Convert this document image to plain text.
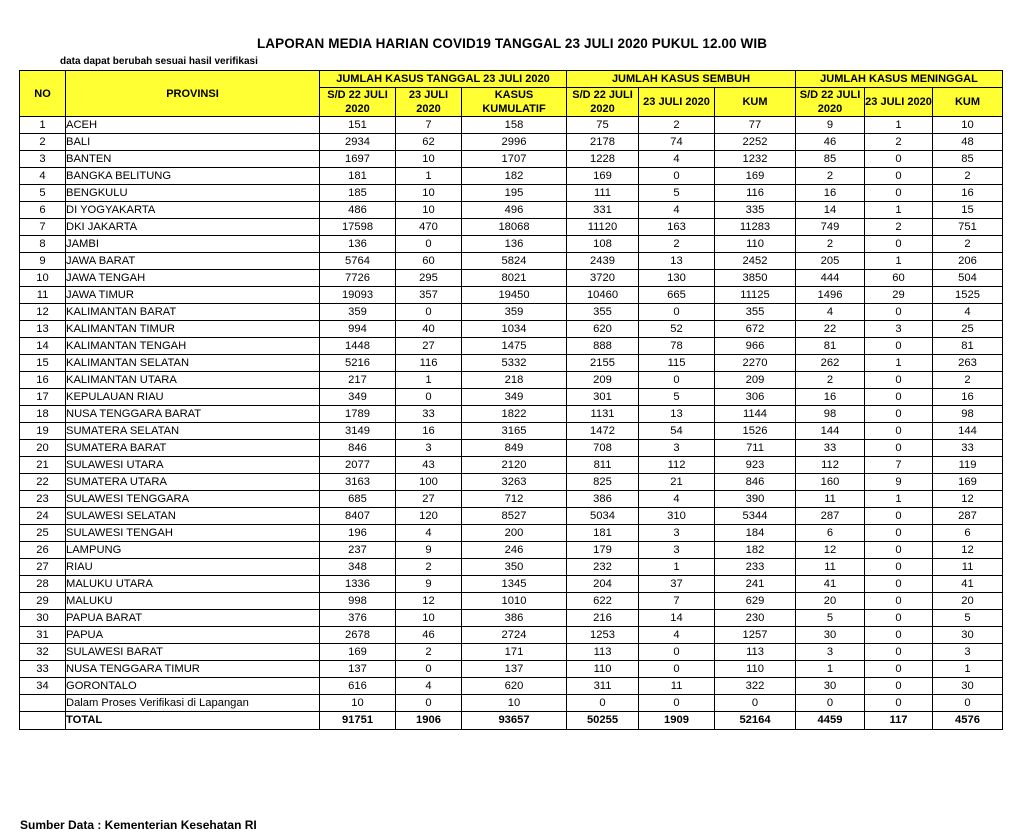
LAPORAN MEDIA HARIAN COVID19 TANGGAL 23 JULI 2020 PUKUL 12.00 WIB
data dapat berubah sesuai hasil verifikasi
NO	PROVINSI	JUMLAH KASUS TANGGAL 23 JULI 2020			JUMLAH KASUS SEMBUH			JUMLAH KASUS MENINGGAL		
		S/D 22 JULI 2020	23 JULI 2020	KASUS KUMULATIF	S/D 22 JULI 2020	23 JULI 2020	KUM	S/D 22 JULI 2020	23 JULI 2020	KUM
1	ACEH	151	7	158	75	2	77	9	1	10
2	BALI	2934	62	2996	2178	74	2252	46	2	48
3	BANTEN	1697	10	1707	1228	4	1232	85	0	85
4	BANGKA BELITUNG	181	1	182	169	0	169	2	0	2
5	BENGKULU	185	10	195	111	5	116	16	0	16
6	DI YOGYAKARTA	486	10	496	331	4	335	14	1	15
7	DKI JAKARTA	17598	470	18068	11120	163	11283	749	2	751
8	JAMBI	136	0	136	108	2	110	2	0	2
9	JAWA BARAT	5764	60	5824	2439	13	2452	205	1	206
10	JAWA TENGAH	7726	295	8021	3720	130	3850	444	60	504
11	JAWA TIMUR	19093	357	19450	10460	665	11125	1496	29	1525
12	KALIMANTAN BARAT	359	0	359	355	0	355	4	0	4
13	KALIMANTAN TIMUR	994	40	1034	620	52	672	22	3	25
14	KALIMANTAN TENGAH	1448	27	1475	888	78	966	81	0	81
15	KALIMANTAN SELATAN	5216	116	5332	2155	115	2270	262	1	263
16	KALIMANTAN UTARA	217	1	218	209	0	209	2	0	2
17	KEPULAUAN RIAU	349	0	349	301	5	306	16	0	16
18	NUSA TENGGARA BARAT	1789	33	1822	1131	13	1144	98	0	98
19	SUMATERA SELATAN	3149	16	3165	1472	54	1526	144	0	144
20	SUMATERA BARAT	846	3	849	708	3	711	33	0	33
21	SULAWESI UTARA	2077	43	2120	811	112	923	112	7	119
22	SUMATERA UTARA	3163	100	3263	825	21	846	160	9	169
23	SULAWESI TENGGARA	685	27	712	386	4	390	11	1	12
24	SULAWESI SELATAN	8407	120	8527	5034	310	5344	287	0	287
25	SULAWESI TENGAH	196	4	200	181	3	184	6	0	6
26	LAMPUNG	237	9	246	179	3	182	12	0	12
27	RIAU	348	2	350	232	1	233	11	0	11
28	MALUKU UTARA	1336	9	1345	204	37	241	41	0	41
29	MALUKU	998	12	1010	622	7	629	20	0	20
30	PAPUA BARAT	376	10	386	216	14	230	5	0	5
31	PAPUA	2678	46	2724	1253	4	1257	30	0	30
32	SULAWESI BARAT	169	2	171	113	0	113	3	0	3
33	NUSA TENGGARA TIMUR	137	0	137	110	0	110	1	0	1
34	GORONTALO	616	4	620	311	11	322	30	0	30
	Dalam Proses Verifikasi di Lapangan	10	0	10	0	0	0	0	0	0
	TOTAL	91751	1906	93657	50255	1909	52164	4459	117	4576
Sumber Data : Kementerian Kesehatan RI
